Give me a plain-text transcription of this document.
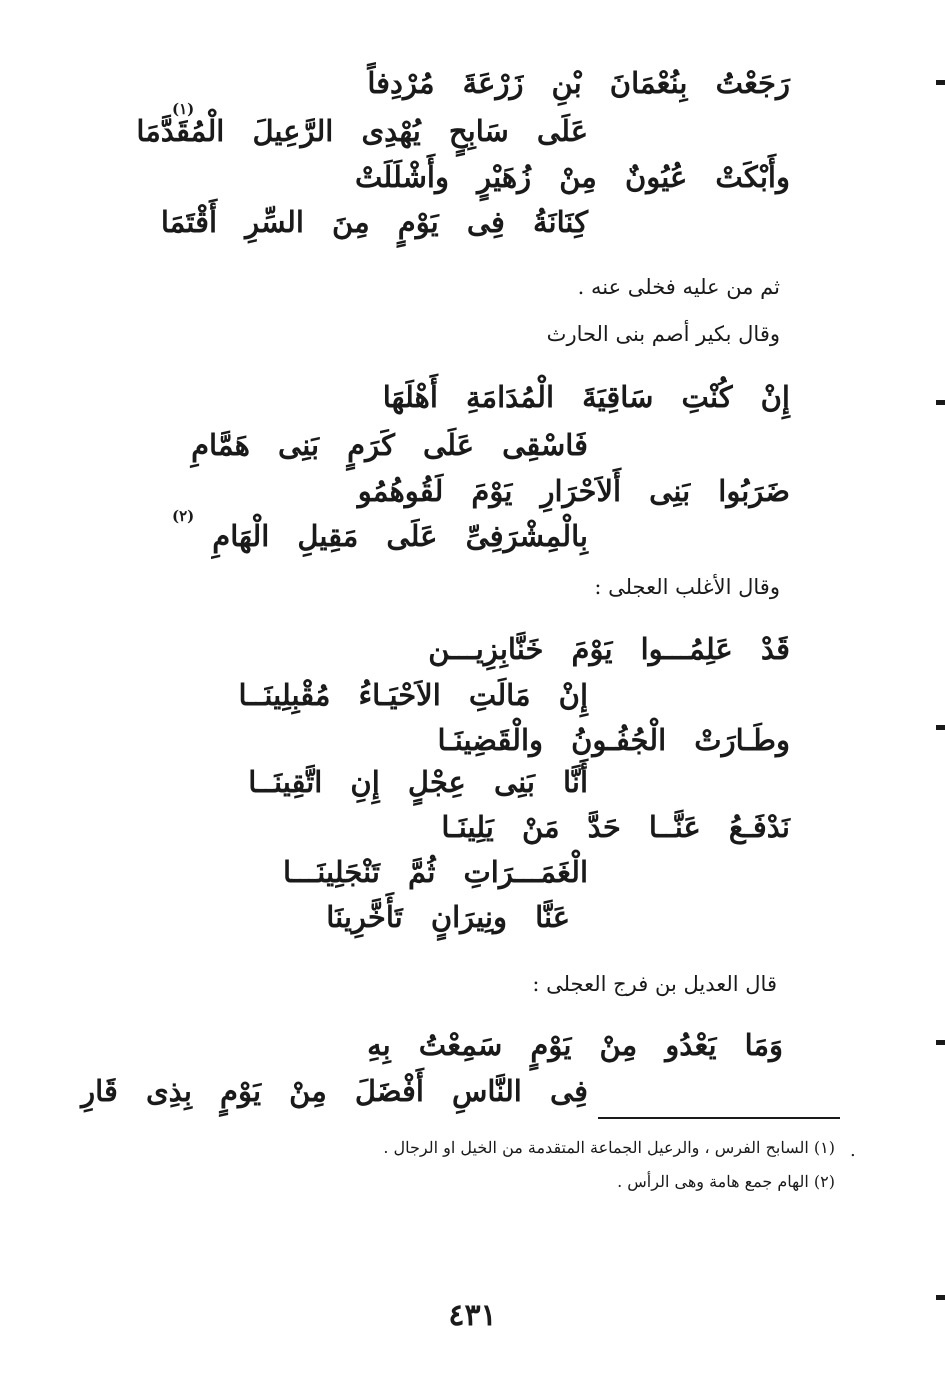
رَجَعْتُ بِنُعْمَانَ بْنِ زَرْعَةَ مُرْدِفاً
عَلَى سَابِحٍ يُهْدِى الرَّعِيلَ الْمُقَدَّمَا
(١)
وأَبْكَتْ عُيُونٌ مِنْ زُهَيْرٍ وأَشْلَلَتْ
كِنَانَةُ فِى يَوْمٍ مِنَ السِّرِ أَقْتَمَا
ثم من عليه فخلى عنه .
وقال بكير أصم بنى الحارث
إِنْ كُنْتِ سَاقِيَةَ الْمُدَامَةِ أَهْلَهَا
فَاسْقِى عَلَى كَرَمٍ بَنِى هَمَّامِ
ضَرَبُوا بَنِى أَلاَحْرَارِ يَوْمَ لَقُوهُمُو
بِالْمِشْرَفِىِّ عَلَى مَقِيلِ الْهَامِ
(٢)
وقال الأغلب العجلى :
قَدْ عَلِمُـــوا يَوْمَ خَنَّابِزِيـــن
إِنْ مَالَتِ الاَحْيَـاءُ مُقْبِلِينَــا
وطَـارَتْ الْجُفُـونُ والْقَضِينَـا
أَنَّا بَنِى عِجْلٍ إِنِ اتَّقِينَــا
نَدْفَـعُ عَنَّــا حَدَّ مَنْ يَلِينَـا
الْغَمَـــرَاتِ ثُمَّ تَنْجَلِينَـــا
عَنَّا ونِيرَانٍ تَأَخَّرِينَا
قال العديل بن فرج العجلى :
وَمَا يَعْدُو مِنْ يَوْمٍ سَمِعْتُ بِهِ
فِى النَّاسِ أَفْضَلَ مِنْ يَوْمٍ بِذِى قَارِ
.
(١) السابح الفرس ، والرعيل الجماعة المتقدمة من الخيل او الرجال .
(٢) الهام جمع هامة وهى الرأس .
٤٣١
